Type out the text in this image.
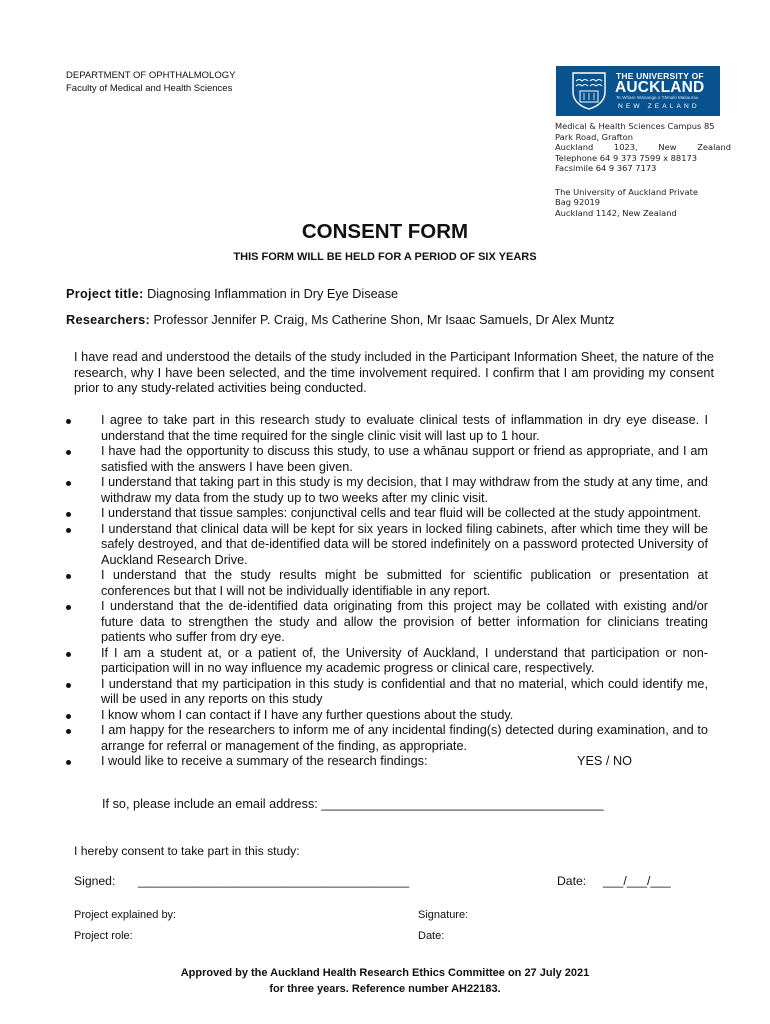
DEPARTMENT OF OPHTHALMOLOGY
Faculty of Medical and Health Sciences
THE UNIVERSITY OF
AUCKLAND
Te Whare Wānanga o Tāmaki Makaurau
NEW ZEALAND
Medical & Health Sciences Campus 85
Park Road, Grafton
Auckland 1023, New Zealand
Telephone 64 9 373 7599 x 88173
Facsimile 64 9 367 7173
The University of Auckland Private
Bag 92019
Auckland 1142, New Zealand
CONSENT FORM
THIS FORM WILL BE HELD FOR A PERIOD OF SIX YEARS
Project title: Diagnosing Inflammation in Dry Eye Disease
Researchers: Professor Jennifer P. Craig, Ms Catherine Shon, Mr Isaac Samuels, Dr Alex Muntz

I have read and understood the details of the study included in the Participant Information Sheet, the nature of the research, why I have been selected, and the time involvement required. I confirm that I am providing my consent prior to any study-related activities being conducted.

I agree to take part in this research study to evaluate clinical tests of inflammation in dry eye disease. I understand that the time required for the single clinic visit will last up to 1 hour.
I have had the opportunity to discuss this study, to use a whānau support or friend as appropriate, and I am satisfied with the answers I have been given.
I understand that taking part in this study is my decision, that I may withdraw from the study at any time, and withdraw my data from the study up to two weeks after my clinic visit.
I understand that tissue samples: conjunctival cells and tear fluid will be collected at the study appointment.
I understand that clinical data will be kept for six years in locked filing cabinets, after which time they will be safely destroyed, and that de-identified data will be stored indefinitely on a password protected University of Auckland Research Drive.
I understand that the study results might be submitted for scientific publication or presentation at conferences but that I will not be individually identifiable in any report.
I understand that the de-identified data originating from this project may be collated with existing and/or future data to strengthen the study and allow the provision of better information for clinicians treating patients who suffer from dry eye.
If I am a student at, or a patient of, the University of Auckland, I understand that participation or non-participation will in no way influence my academic progress or clinical care, respectively.
I understand that my participation in this study is confidential and that no material, which could identify me, will be used in any reports on this study
I know whom I can contact if I have any further questions about the study.
I am happy for the researchers to inform me of any incidental finding(s) detected during examination, and to arrange for referral or management of the finding, as appropriate.
I would like to receive a summary of the research findings:	YES / NO
If so, please include an email address: ________________________________________
I hereby consent to take part in this study:
Signed: ________________________________________	Date: ___/___/___
Project explained by:	Signature:
Project role:	Date:
Approved by the Auckland Health Research Ethics Committee on 27 July 2021
for three years. Reference number AH22183.
